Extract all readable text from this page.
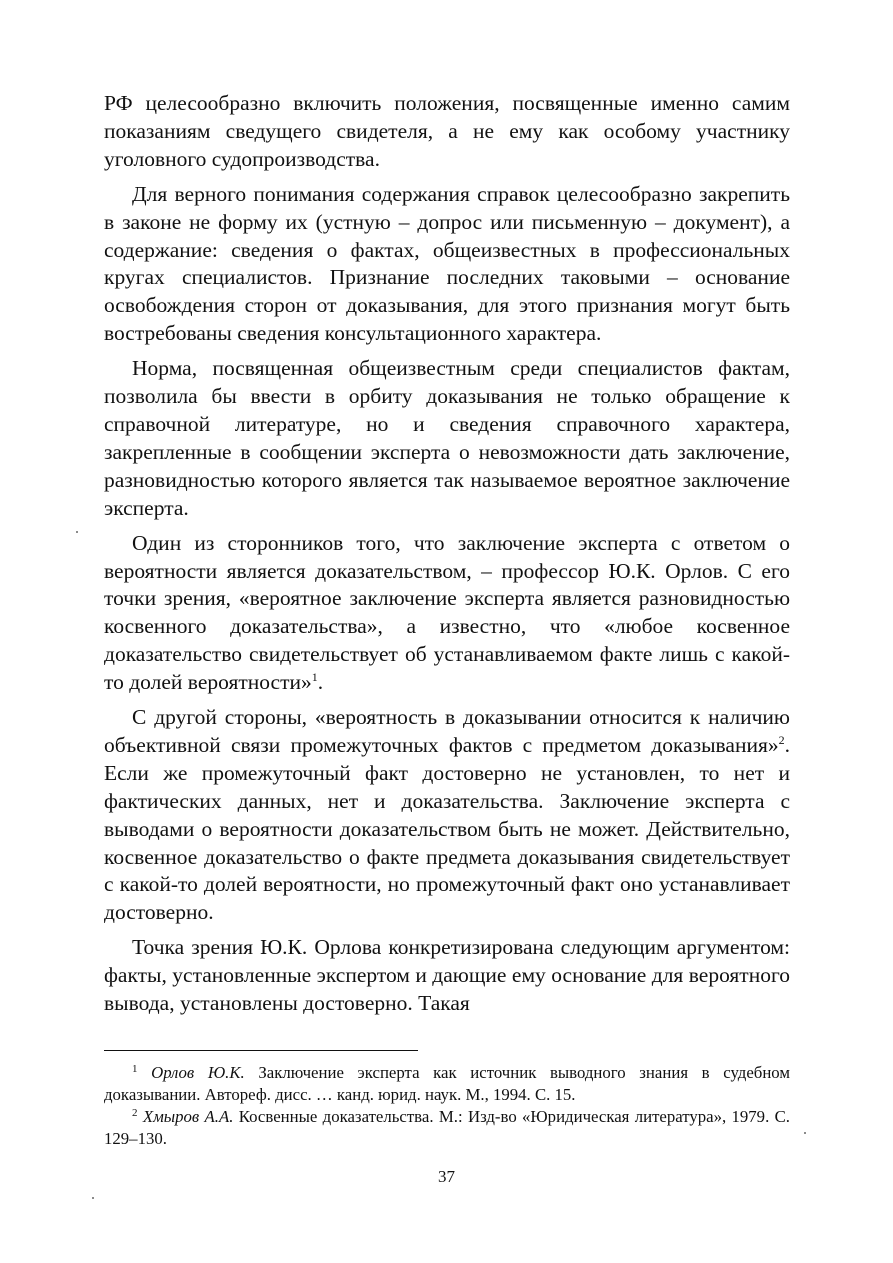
РФ целесообразно включить положения, посвященные именно самим показаниям сведущего свидетеля, а не ему как особому участнику уголовного судопроизводства.

Для верного понимания содержания справок целесообразно закрепить в законе не форму их (устную – допрос или письменную – документ), а содержание: сведения о фактах, общеизвестных в профессиональных кругах специалистов. Признание последних таковыми – основание освобождения сторон от доказывания, для этого признания могут быть востребованы сведения консультационного характера.

Норма, посвященная общеизвестным среди специалистов фактам, позволила бы ввести в орбиту доказывания не только обращение к справочной литературе, но и сведения справочного характера, закрепленные в сообщении эксперта о невозможности дать заключение, разновидностью которого является так называемое вероятное заключение эксперта.

Один из сторонников того, что заключение эксперта с ответом о вероятности является доказательством, – профессор Ю.К. Орлов. С его точки зрения, «вероятное заключение эксперта является разновидностью косвенного доказательства», а известно, что «любое косвенное доказательство свидетельствует об устанавливаемом факте лишь с какой-то долей вероятности»$^1$.

С другой стороны, «вероятность в доказывании относится к наличию объективной связи промежуточных фактов с предметом доказывания»$^2$. Если же промежуточный факт достоверно не установлен, то нет и фактических данных, нет и доказательства. Заключение эксперта с выводами о вероятности доказательством быть не может. Действительно, косвенное доказательство о факте предмета доказывания свидетельствует с какой-то долей вероятности, но промежуточный факт оно устанавливает достоверно.

Точка зрения Ю.К. Орлова конкретизирована следующим аргументом: факты, установленные экспертом и дающие ему основание для вероятного вывода, установлены достоверно. Такая

$^1$ Орлов Ю.К. Заключение эксперта как источник выводного знания в судебном доказывании. Автореф. дисс. … канд. юрид. наук. М., 1994. С. 15.

$^2$ Хмыров А.А. Косвенные доказательства. М.: Изд-во «Юридическая литература», 1979. С. 129–130.

37
